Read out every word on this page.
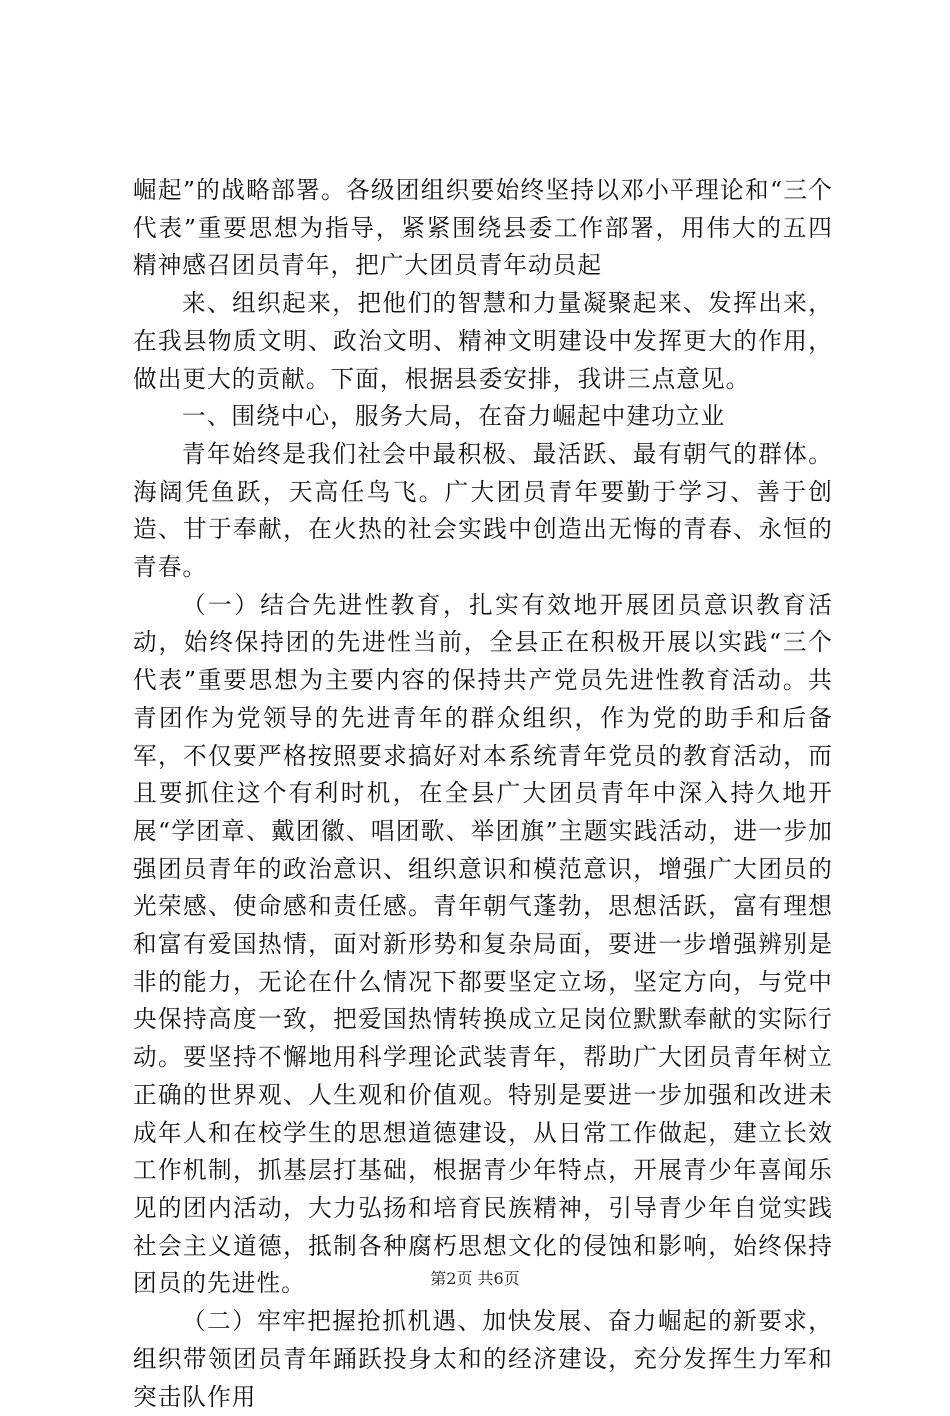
崛起”的战略部署。各级团组织要始终坚持以邓小平理论和“三个代表”重要思想为指导，紧紧围绕县委工作部署，用伟大的五四精神感召团员青年，把广大团员青年动员起

来、组织起来，把他们的智慧和力量凝聚起来、发挥出来，在我县物质文明、政治文明、精神文明建设中发挥更大的作用，做出更大的贡献。下面，根据县委安排，我讲三点意见。

一、围绕中心，服务大局，在奋力崛起中建功立业

青年始终是我们社会中最积极、最活跃、最有朝气的群体。海阔凭鱼跃，天高任鸟飞。广大团员青年要勤于学习、善于创造、甘于奉献，在火热的社会实践中创造出无悔的青春、永恒的青春。

（一）结合先进性教育，扎实有效地开展团员意识教育活动，始终保持团的先进性当前，全县正在积极开展以实践“三个代表”重要思想为主要内容的保持共产党员先进性教育活动。共青团作为党领导的先进青年的群众组织，作为党的助手和后备军，不仅要严格按照要求搞好对本系统青年党员的教育活动，而且要抓住这个有利时机，在全县广大团员青年中深入持久地开展“学团章、戴团徽、唱团歌、举团旗”主题实践活动，进一步加强团员青年的政治意识、组织意识和模范意识，增强广大团员的光荣感、使命感和责任感。青年朝气蓬勃，思想活跃，富有理想和富有爱国热情，面对新形势和复杂局面，要进一步增强辨别是非的能力，无论在什么情况下都要坚定立场，坚定方向，与党中央保持高度一致，把爱国热情转换成立足岗位默默奉献的实际行动。要坚持不懈地用科学理论武装青年，帮助广大团员青年树立正确的世界观、人生观和价值观。特别是要进一步加强和改进未成年人和在校学生的思想道德建设，从日常工作做起，建立长效工作机制，抓基层打基础，根据青少年特点，开展青少年喜闻乐见的团内活动，大力弘扬和培育民族精神，引导青少年自觉实践社会主义道德，抵制各种腐朽思想文化的侵蚀和影响，始终保持团员的先进性。

（二）牢牢把握抢抓机遇、加快发展、奋力崛起的新要求，组织带领团员青年踊跃投身太和的经济建设，充分发挥生力军和突击队作用

第2页 共6页
